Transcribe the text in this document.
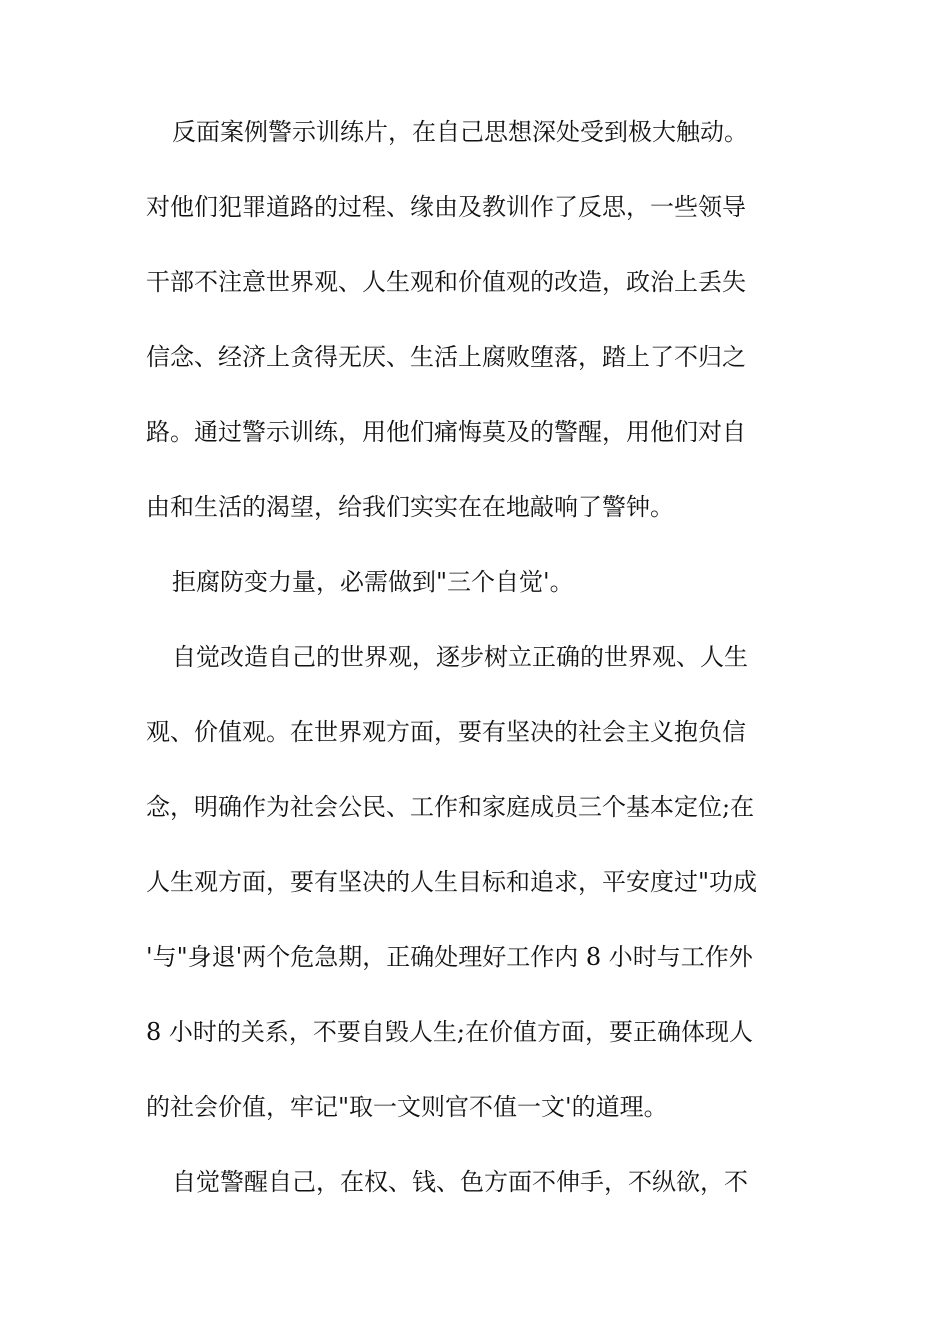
反面案例警示训练片，在自己思想深处受到极大触动。
对他们犯罪道路的过程、缘由及教训作了反思，一些领导
干部不注意世界观、人生观和价值观的改造，政治上丢失
信念、经济上贪得无厌、生活上腐败堕落，踏上了不归之
路。通过警示训练，用他们痛悔莫及的警醒，用他们对自
由和生活的渴望，给我们实实在在地敲响了警钟。
拒腐防变力量，必需做到"三个自觉'。
自觉改造自己的世界观，逐步树立正确的世界观、人生
观、价值观。在世界观方面，要有坚决的社会主义抱负信
念，明确作为社会公民、工作和家庭成员三个基本定位;在
人生观方面，要有坚决的人生目标和追求，平安度过"功成
'与"身退'两个危急期，正确处理好工作内 8 小时与工作外
8 小时的关系，不要自毁人生;在价值方面，要正确体现人
的社会价值，牢记"取一文则官不值一文'的道理。
自觉警醒自己，在权、钱、色方面不伸手，不纵欲，不
